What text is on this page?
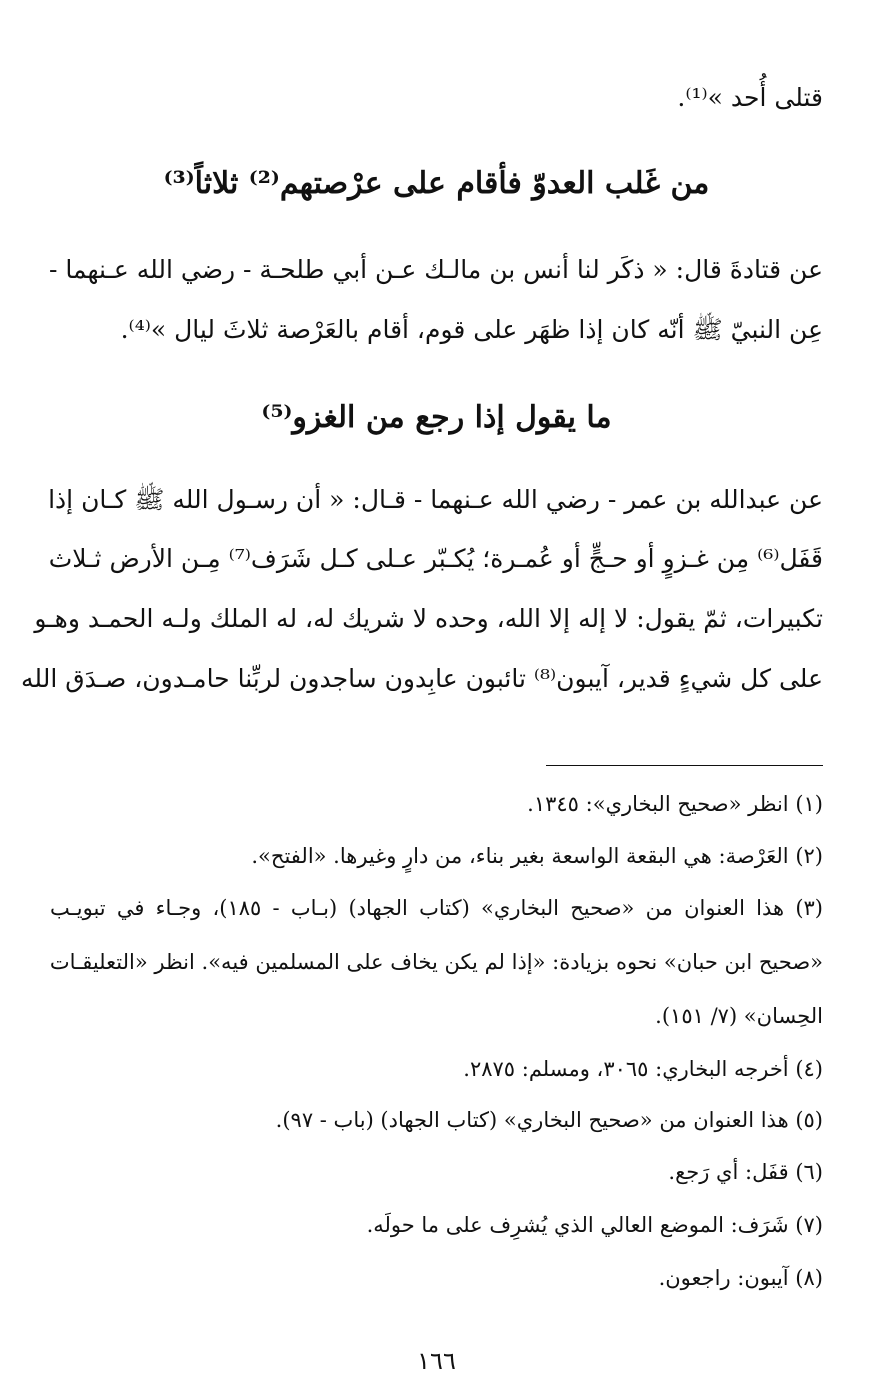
قتلى أُحد »⁽¹⁾.
من غَلب العدوّ فأقام على عرْصتهم⁽²⁾ ثلاثاً⁽³⁾
عن قتادةَ قال: « ذكَر لنا أنس بن مالـك عـن أبي طلحـة - رضي الله عـنهما -
عِن النبيّ ﷺ أنّه كان إذا ظهَر على قوم، أقام بالعَرْصة ثلاثَ ليال »⁽⁴⁾.
ما يقول إذا رجع من الغزو⁽⁵⁾
عن عبدالله بن عمر - رضي الله عـنهما - قـال: « أن رسـول الله ﷺ كـان إذا
قَفَل⁽⁶⁾ مِن غـزوٍ أو حـجٍّ أو عُمـرة؛ يُكـبّر عـلى كـل شَرَف⁽⁷⁾ مِـن الأرض ثـلاث
تكبيرات، ثمّ يقول: لا إله إلا الله، وحده لا شريك له، له الملك ولـه الحمـد وهـو
على كل شيءٍ قدير، آيبون⁽⁸⁾ تائبون عابِدون ساجدون لربِّنا حامـدون، صـدَق الله
(١) انظر «صحيح البخاري»: ١٣٤٥.
(٢) العَرْصة: هي البقعة الواسعة بغير بناء، من دارٍ وغيرها. «الفتح».
(٣) هذا العنوان من «صحيح البخاري» (كتاب الجهاد) (بـاب - ١٨٥)، وجـاء في تبويـب
«صحيح ابن حبان» نحوه بزيادة: «إذا لم يكن يخاف على المسلمين فيه». انظر «التعليقـات
الحِسان» (٧/ ١٥١).
(٤) أخرجه البخاري: ٣٠٦٥، ومسلم: ٢٨٧٥.
(٥) هذا العنوان من «صحيح البخاري» (كتاب الجهاد) (باب - ٩٧).
(٦) قفَل: أي رَجع.
(٧) شَرَف: الموضع العالي الذي يُشرِف على ما حولَه.
(٨) آيبون: راجعون.
١٦٦
